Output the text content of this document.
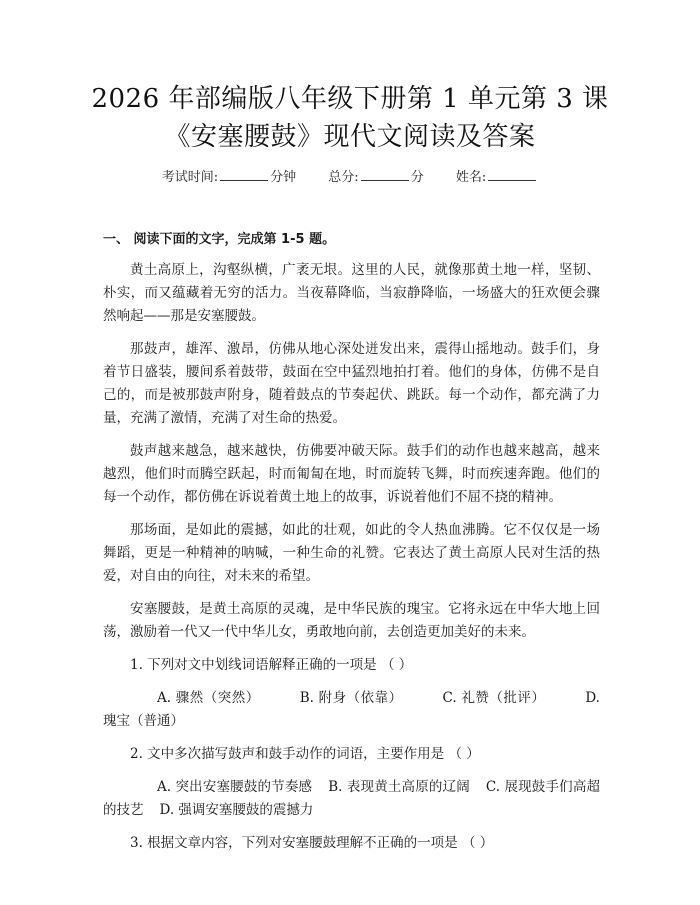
2026 年部编版八年级下册第 1 单元第 3 课
《安塞腰鼓》现代文阅读及答案
考试时间:	分钟 总分:	分 姓名:
一、 阅读下面的文字，完成第 1-5 题。

黄土高原上，沟壑纵横，广袤无垠。这里的人民，就像那黄土地一样，坚韧、朴实，而又蕴藏着无穷的活力。当夜幕降临，当寂静降临，一场盛大的狂欢便会骤然响起——那是安塞腰鼓。

那鼓声，雄浑、激昂，仿佛从地心深处迸发出来，震得山摇地动。鼓手们，身着节日盛装，腰间系着鼓带，鼓面在空中猛烈地拍打着。他们的身体，仿佛不是自己的，而是被那鼓声附身，随着鼓点的节奏起伏、跳跃。每一个动作，都充满了力量，充满了激情，充满了对生命的热爱。

鼓声越来越急，越来越快，仿佛要冲破天际。鼓手们的动作也越来越高，越来越烈，他们时而腾空跃起，时而匍匐在地，时而旋转飞舞，时而疾速奔跑。他们的每一个动作，都仿佛在诉说着黄土地上的故事，诉说着他们不屈不挠的精神。

那场面，是如此的震撼，如此的壮观，如此的令人热血沸腾。它不仅仅是一场舞蹈，更是一种精神的呐喊，一种生命的礼赞。它表达了黄土高原人民对生活的热爱，对自由的向往，对未来的希望。

安塞腰鼓，是黄土高原的灵魂，是中华民族的瑰宝。它将永远在中华大地上回荡，激励着一代又一代中华儿女，勇敢地向前，去创造更加美好的未来。

1. 下列对文中划线词语解释正确的一项是 （ ）
A. 骤然（突然）	B. 附身（依靠）	C. 礼赞（批评）	D. 瑰宝（普通）
2. 文中多次描写鼓声和鼓手动作的词语，主要作用是 （ ）
A. 突出安塞腰鼓的节奏感 B. 表现黄土高原的辽阔 C. 展现鼓手们高超的技艺 D. 强调安塞腰鼓的震撼力
3. 根据文章内容，下列对安塞腰鼓理解不正确的一项是 （ ）
